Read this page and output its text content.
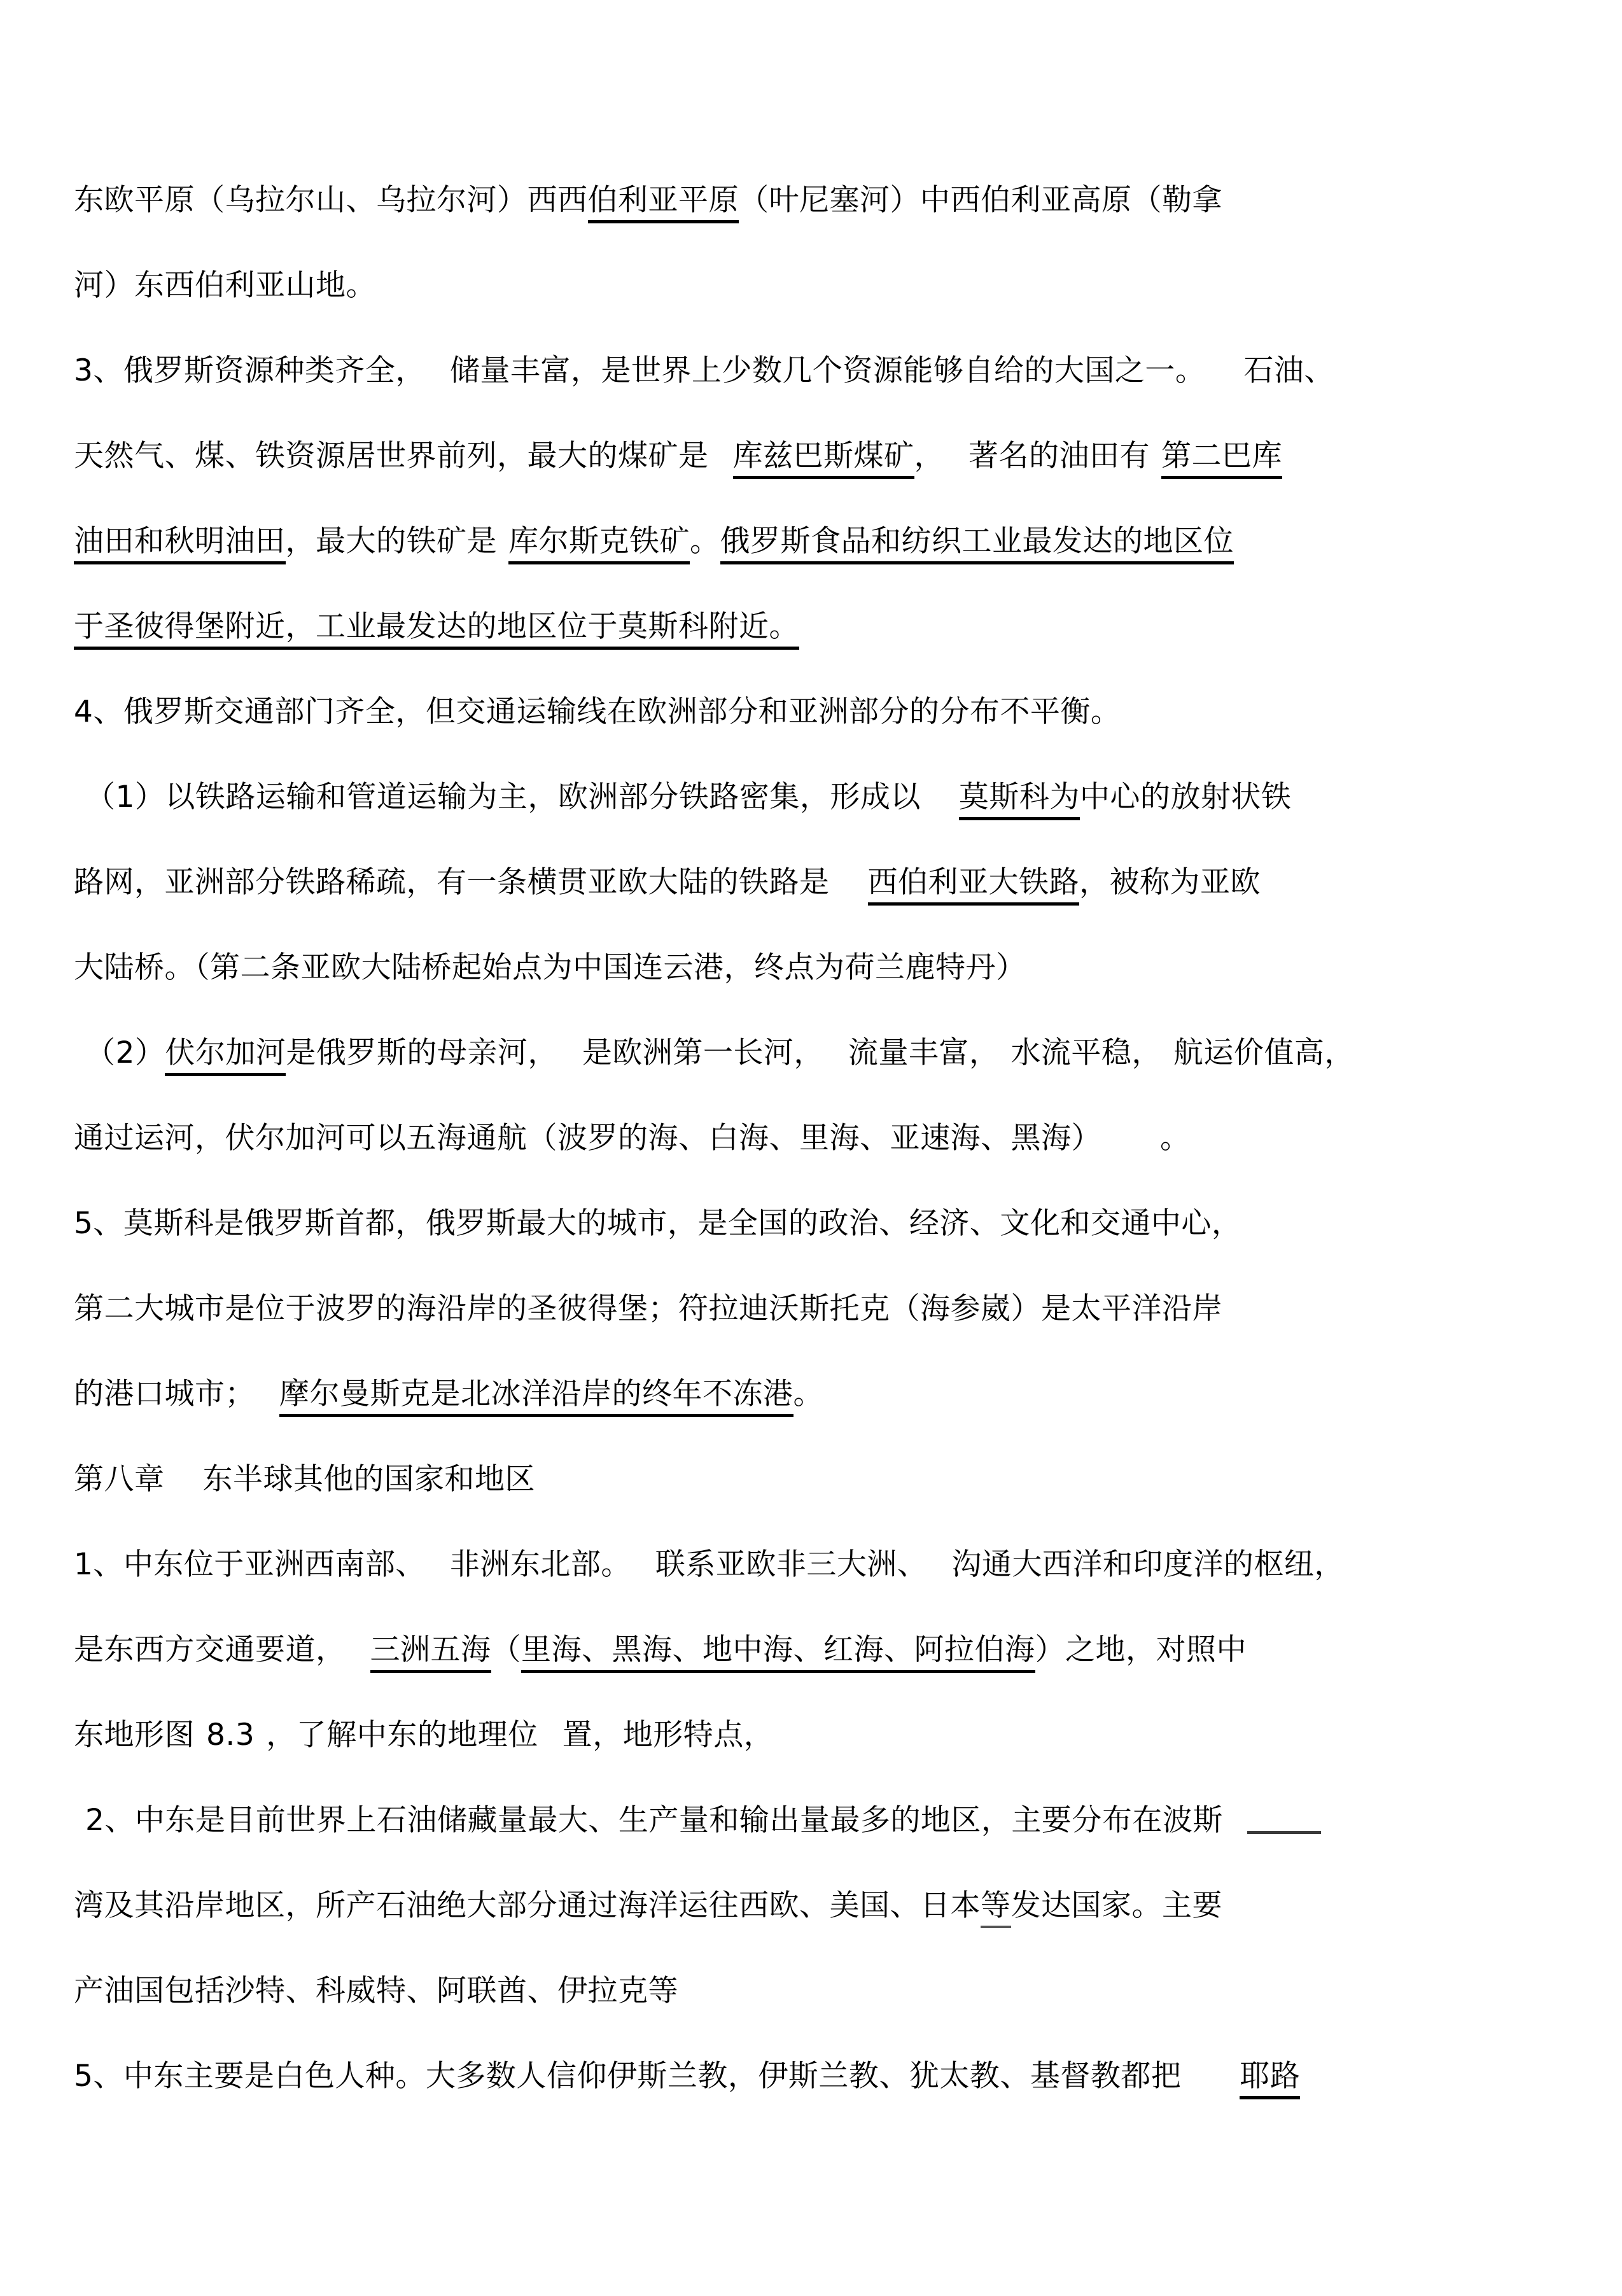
东欧平原（乌拉尔山、乌拉尔河）西西伯利亚平原（叶尼塞河）中西伯利亚高原（勒拿
河）东西伯利亚山地。

3、俄罗斯资源种类齐全， 储量丰富，是世界上少数几个资源能够自给的大国之一。 石油、
天然气、煤、铁资源居世界前列，最大的煤矿是 库兹巴斯煤矿， 著名的油田有 第二巴库
油田和秋明油田，最大的铁矿是 库尔斯克铁矿。俄罗斯食品和纺织工业最发达的地区位
于圣彼得堡附近，工业最发达的地区位于莫斯科附近。

4、俄罗斯交通部门齐全，但交通运输线在欧洲部分和亚洲部分的分布不平衡。

（1）以铁路运输和管道运输为主，欧洲部分铁路密集，形成以 莫斯科为中心的放射状铁
路网，亚洲部分铁路稀疏，有一条横贯亚欧大陆的铁路是 西伯利亚大铁路，被称为亚欧
大陆桥。（第二条亚欧大陆桥起始点为中国连云港，终点为荷兰鹿特丹）

（2）伏尔加河是俄罗斯的母亲河， 是欧洲第一长河， 流量丰富， 水流平稳， 航运价值高，
通过运河，伏尔加河可以五海通航（波罗的海、白海、里海、亚速海、黑海） 。

5、莫斯科是俄罗斯首都，俄罗斯最大的城市，是全国的政治、经济、文化和交通中心，
第二大城市是位于波罗的海沿岸的圣彼得堡；符拉迪沃斯托克（海参崴）是太平洋沿岸
的港口城市； 摩尔曼斯克是北冰洋沿岸的终年不冻港。

第八章 东半球其他的国家和地区

1、中东位于亚洲西南部、 非洲东北部。 联系亚欧非三大洲、 沟通大西洋和印度洋的枢纽，
是东西方交通要道， 三洲五海（里海、黑海、地中海、红海、阿拉伯海）之地，对照中
东地形图 8.3 ，了解中东的地理位 置，地形特点，

2、中东是目前世界上石油储藏量最大、生产量和输出量最多的地区，主要分布在波斯
湾及其沿岸地区，所产石油绝大部分通过海洋运往西欧、美国、日本等发达国家。主要
产油国包括沙特、科威特、阿联酋、伊拉克等

5、中东主要是白色人种。大多数人信仰伊斯兰教，伊斯兰教、犹太教、基督教都把 耶路
